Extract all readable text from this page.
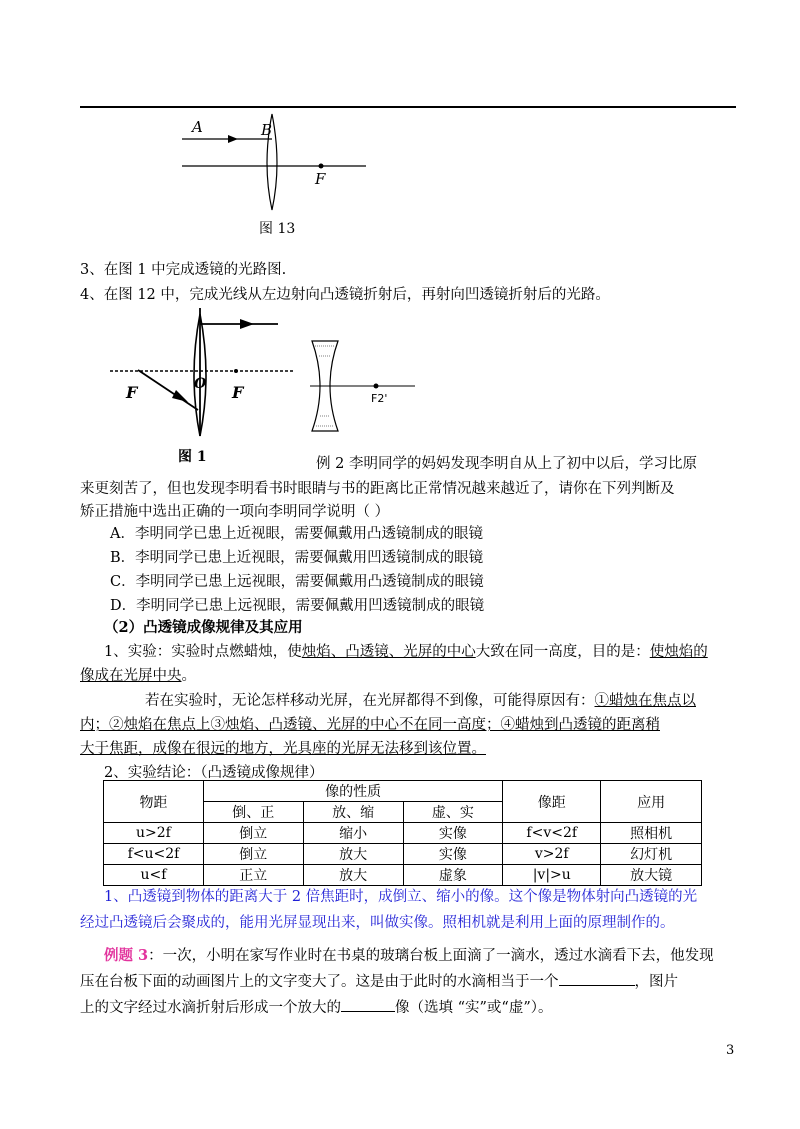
A	B
F
图 13
3、在图 1 中完成透镜的光路图.
4、在图 12 中，完成光线从左边射向凸透镜折射后，再射向凹透镜折射后的光路。
F	O F	F2'
图 1	例 2 李明同学的妈妈发现李明自从上了初中以后，学习比原
来更刻苦了，但也发现李明看书时眼睛与书的距离比正常情况越来越近了，请你在下列判断及
矫正措施中选出正确的一项向李明同学说明（ ）
A．李明同学已患上近视眼，需要佩戴用凸透镜制成的眼镜
B．李明同学已患上近视眼，需要佩戴用凹透镜制成的眼镜
C．李明同学已患上远视眼，需要佩戴用凸透镜制成的眼镜
D．李明同学已患上远视眼，需要佩戴用凹透镜制成的眼镜
（2）凸透镜成像规律及其应用
1、实验：实验时点燃蜡烛，使烛焰、凸透镜、光屏的中心大致在同一高度，目的是：使烛焰的
像成在光屏中央。
若在实验时，无论怎样移动光屏，在光屏都得不到像，可能得原因有：①蜡烛在焦点以
内；②烛焰在焦点上③烛焰、凸透镜、光屏的中心不在同一高度；④蜡烛到凸透镜的距离稍
大于焦距，成像在很远的地方，光具座的光屏无法移到该位置。
2、实验结论：（凸透镜成像规律）
物距	像的性质			像距	应用
	倒、正	放、缩	虚、实		
u>2f	倒立	缩小	实像	f<v<2f	照相机
f<u<2f	倒立	放大	实像	v>2f	幻灯机
u<f	正立	放大	虚象	|v|>u	放大镜
1、凸透镜到物体的距离大于 2 倍焦距时，成倒立、缩小的像。这个像是物体射向凸透镜的光
经过凸透镜后会聚成的，能用光屏显现出来，叫做实像。照相机就是利用上面的原理制作的。
例题 3：一次，小明在家写作业时在书桌的玻璃台板上面滴了一滴水，透过水滴看下去，他发现
压在台板下面的动画图片上的文字变大了。这是由于此时的水滴相当于一个	，图片
上的文字经过水滴折射后形成一个放大的	像（选填 “实”或“虚”）。
3
